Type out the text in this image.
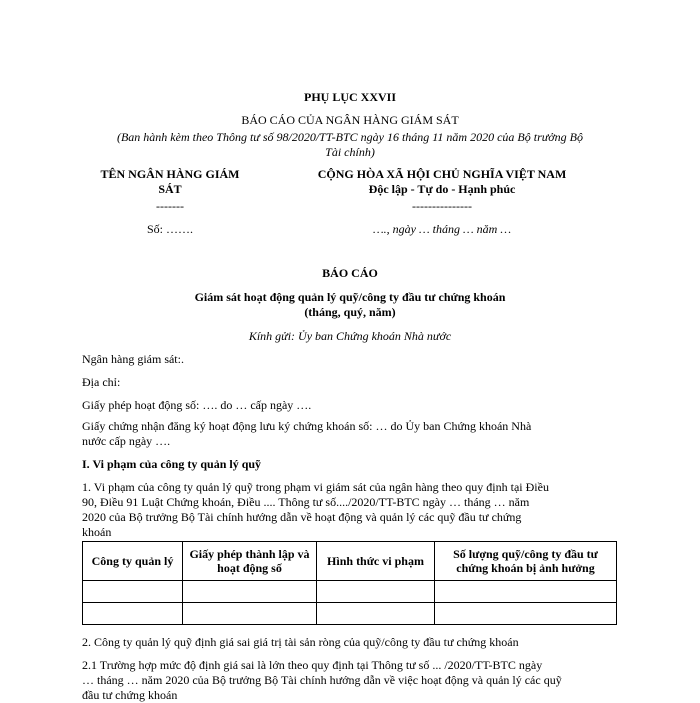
PHỤ LỤC XXVII
BÁO CÁO CỦA NGÂN HÀNG GIÁM SÁT
(Ban hành kèm theo Thông tư số 98/2020/TT-BTC ngày 16 tháng 11 năm 2020 của Bộ trưởng Bộ
Tài chính)
TÊN NGÂN HÀNG GIÁM
SÁT
-------
Số: …….
CỘNG HÒA XÃ HỘI CHỦ NGHĨA VIỆT NAM
Độc lập - Tự do - Hạnh phúc
---------------
…., ngày … tháng … năm …
BÁO CÁO
Giám sát hoạt động quản lý quỹ/công ty đầu tư chứng khoán
(tháng, quý, năm)
Kính gửi: Ủy ban Chứng khoán Nhà nước
Ngân hàng giám sát:.
Địa chỉ:
Giấy phép hoạt động số: …. do … cấp ngày ….
Giấy chứng nhận đăng ký hoạt động lưu ký chứng khoán số: … do Ủy ban Chứng khoán Nhà
nước cấp ngày ….
I. Vi phạm của công ty quản lý quỹ
1. Vi phạm của công ty quản lý quỹ trong phạm vi giám sát của ngân hàng theo quy định tại Điều
90, Điều 91 Luật Chứng khoán, Điều .... Thông tư số..../2020/TT-BTC ngày … tháng … năm
2020 của Bộ trưởng Bộ Tài chính hướng dẫn về hoạt động và quản lý các quỹ đầu tư chứng
khoán
Công ty quản lý	Giấy phép thành lập và hoạt động số	Hình thức vi phạm	Số lượng quỹ/công ty đầu tư chứng khoán bị ảnh hưởng

2. Công ty quản lý quỹ định giá sai giá trị tài sản ròng của quỹ/công ty đầu tư chứng khoán
2.1 Trường hợp mức độ định giá sai là lớn theo quy định tại Thông tư số ... /2020/TT-BTC ngày
… tháng … năm 2020 của Bộ trưởng Bộ Tài chính hướng dẫn về việc hoạt động và quản lý các quỹ
đầu tư chứng khoán
